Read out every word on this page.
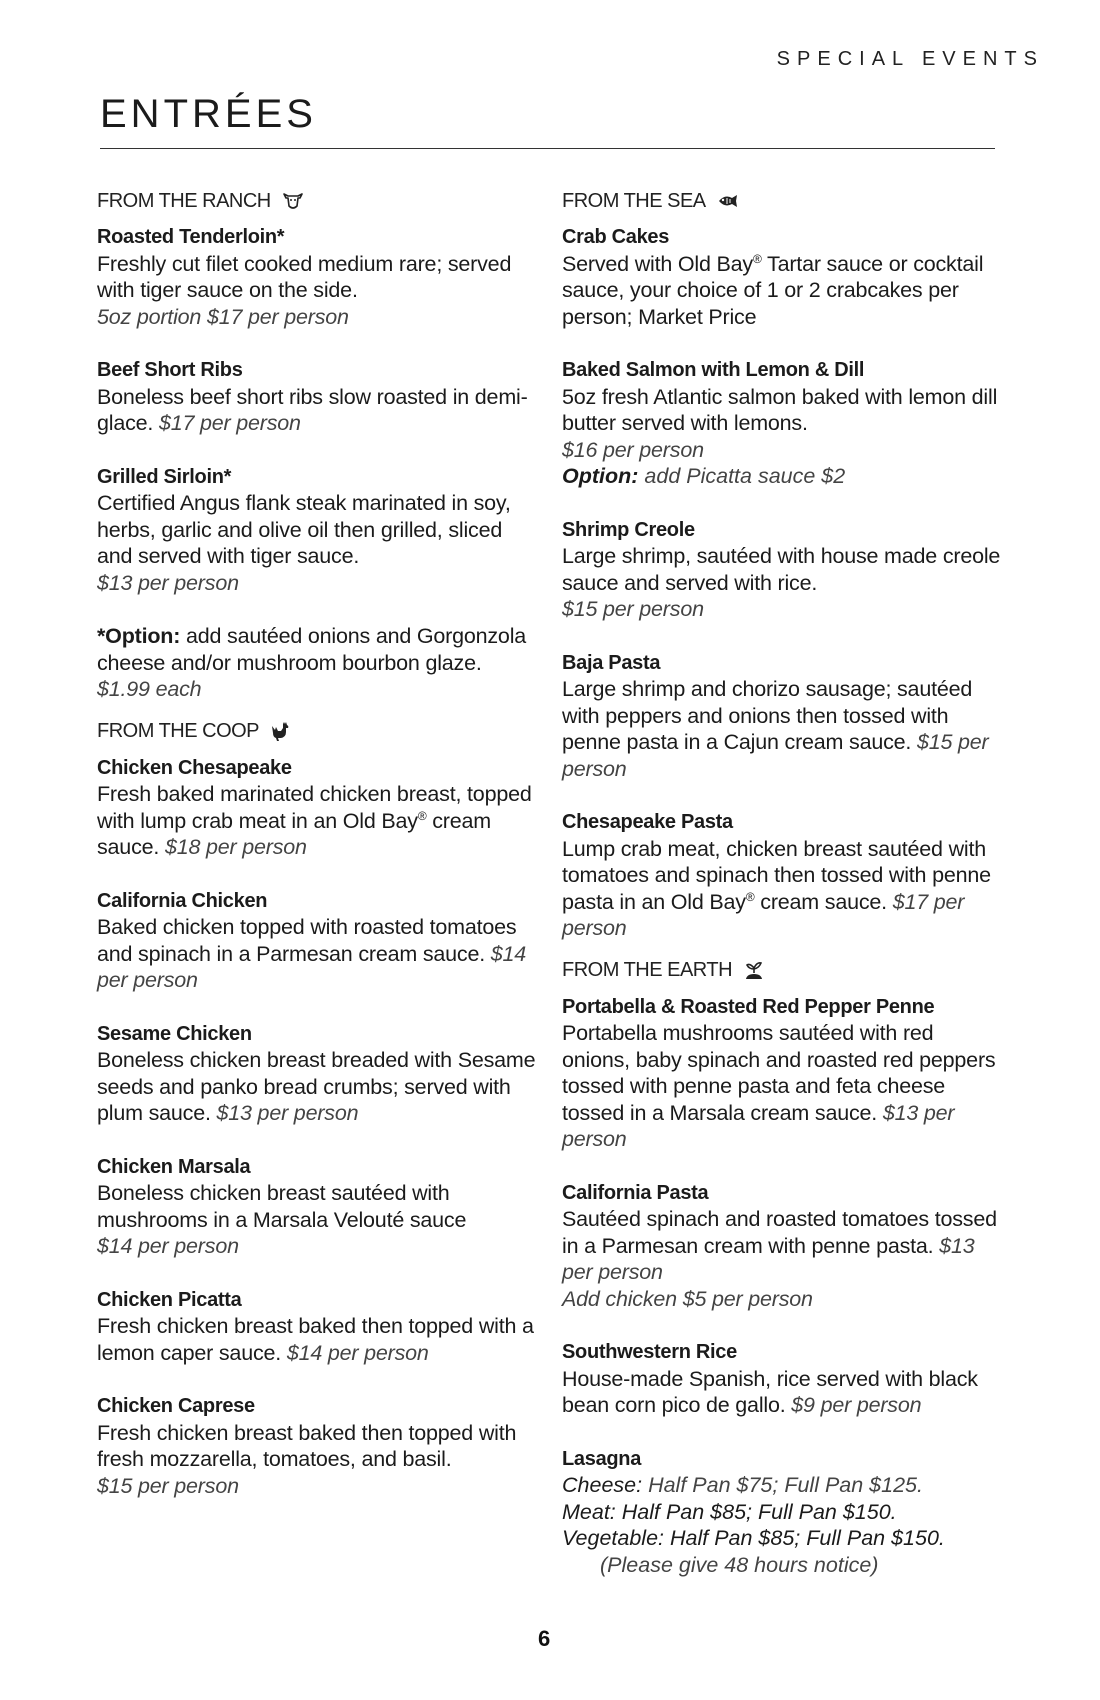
SPECIAL EVENTS
ENTRÉES
FROM THE RANCH
Roasted Tenderloin*
Freshly cut filet cooked medium rare; served with tiger sauce on the side.
5oz portion $17 per person
Beef Short Ribs
Boneless beef short ribs slow roasted in demi-glace. $17 per person
Grilled Sirloin*
Certified Angus flank steak marinated in soy, herbs, garlic and olive oil then grilled, sliced and served with tiger sauce.
$13 per person
*Option: add sautéed onions and Gorgonzola cheese and/or mushroom bourbon glaze. $1.99 each
FROM THE COOP
Chicken Chesapeake
Fresh baked marinated chicken breast, topped with lump crab meat in an Old Bay® cream sauce. $18 per person
California Chicken
Baked chicken topped with roasted tomatoes and spinach in a Parmesan cream sauce. $14 per person
Sesame Chicken
Boneless chicken breast breaded with Sesame seeds and panko bread crumbs; served with plum sauce. $13 per person
Chicken Marsala
Boneless chicken breast sautéed with mushrooms in a Marsala Velouté sauce
$14 per person
Chicken Picatta
Fresh chicken breast baked then topped with a lemon caper sauce. $14 per person
Chicken Caprese
Fresh chicken breast baked then topped with fresh mozzarella, tomatoes, and basil.
$15 per person
FROM THE SEA
Crab Cakes
Served with Old Bay® Tartar sauce or cocktail sauce, your choice of 1 or 2 crabcakes per person; Market Price
Baked Salmon with Lemon & Dill
5oz fresh Atlantic salmon baked with lemon dill butter served with lemons.
$16 per person
Option: add Picatta sauce $2
Shrimp Creole
Large shrimp, sautéed with house made creole sauce and served with rice.
$15 per person
Baja Pasta
Large shrimp and chorizo sausage; sautéed with peppers and onions then tossed with penne pasta in a Cajun cream sauce. $15 per person
Chesapeake Pasta
Lump crab meat, chicken breast sautéed with tomatoes and spinach then tossed with penne pasta in an Old Bay® cream sauce. $17 per person
FROM THE EARTH
Portabella & Roasted Red Pepper Penne
Portabella mushrooms sautéed with red onions, baby spinach and roasted red peppers tossed with penne pasta and feta cheese tossed in a Marsala cream sauce. $13 per person
California Pasta
Sautéed spinach and roasted tomatoes tossed in a Parmesan cream with penne pasta. $13 per person
Add chicken $5 per person
Southwestern Rice
House-made Spanish, rice served with black bean corn pico de gallo. $9 per person
Lasagna
Cheese: Half Pan $75; Full Pan $125.
Meat: Half Pan $85; Full Pan $150.
Vegetable: Half Pan $85; Full Pan $150.
(Please give 48 hours notice)
6
